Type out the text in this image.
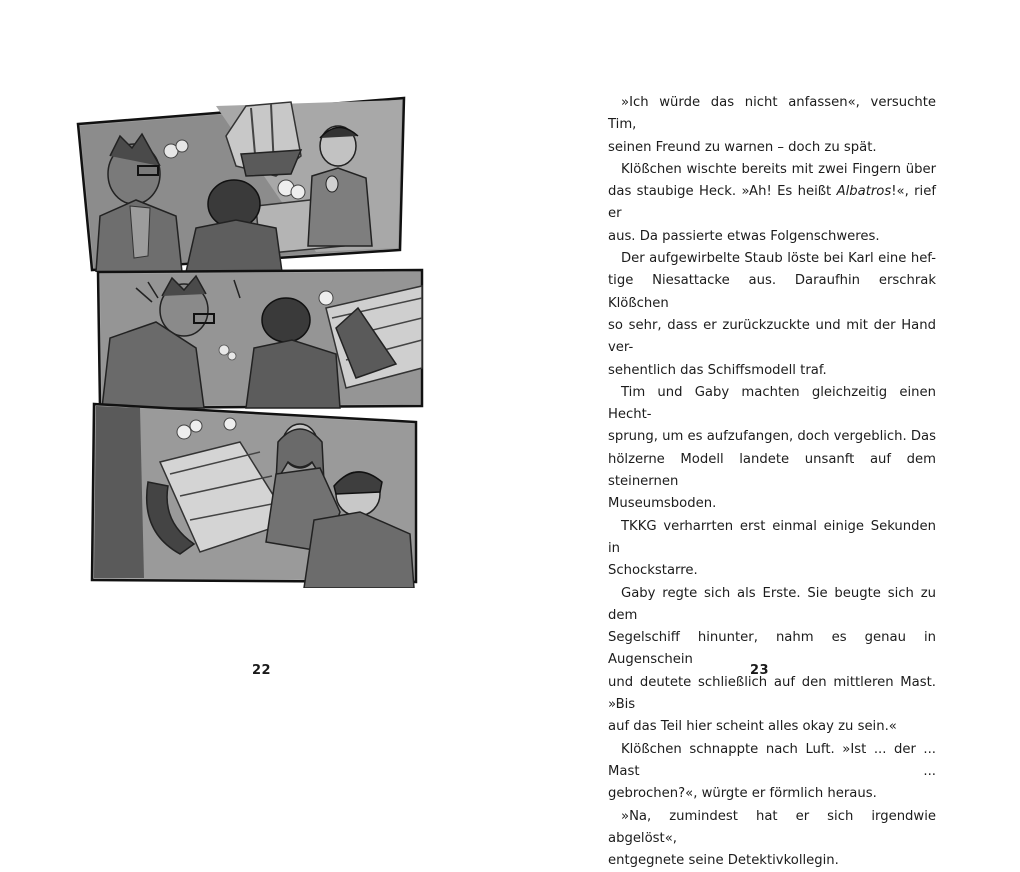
22

»Ich würde das nicht anfassen«, versuchte Tim,
seinen Freund zu warnen – doch zu spät.

Klößchen wischte bereits mit zwei Fingern über
das staubige Heck. »Ah! Es heißt Albatros!«, rief er
aus. Da passierte etwas Folgenschweres.

Der aufgewirbelte Staub löste bei Karl eine hef-
tige Niesattacke aus. Daraufhin erschrak Klößchen
so sehr, dass er zurückzuckte und mit der Hand ver-
sehentlich das Schiffsmodell traf.

Tim und Gaby machten gleichzeitig einen Hecht-
sprung, um es aufzufangen, doch vergeblich. Das
hölzerne Modell landete unsanft auf dem steinernen
Museumsboden.

TKKG verharrten erst einmal einige Sekunden in
Schockstarre.

Gaby regte sich als Erste. Sie beugte sich zu dem
Segelschiff hinunter, nahm es genau in Augenschein
und deutete schließlich auf den mittleren Mast. »Bis
auf das Teil hier scheint alles okay zu sein.«

Klößchen schnappte nach Luft. »Ist ... der ... Mast ...
gebrochen?«, würgte er förmlich heraus.

»Na, zumindest hat er sich irgendwie abgelöst«,
entgegnete seine Detektivkollegin.

23
